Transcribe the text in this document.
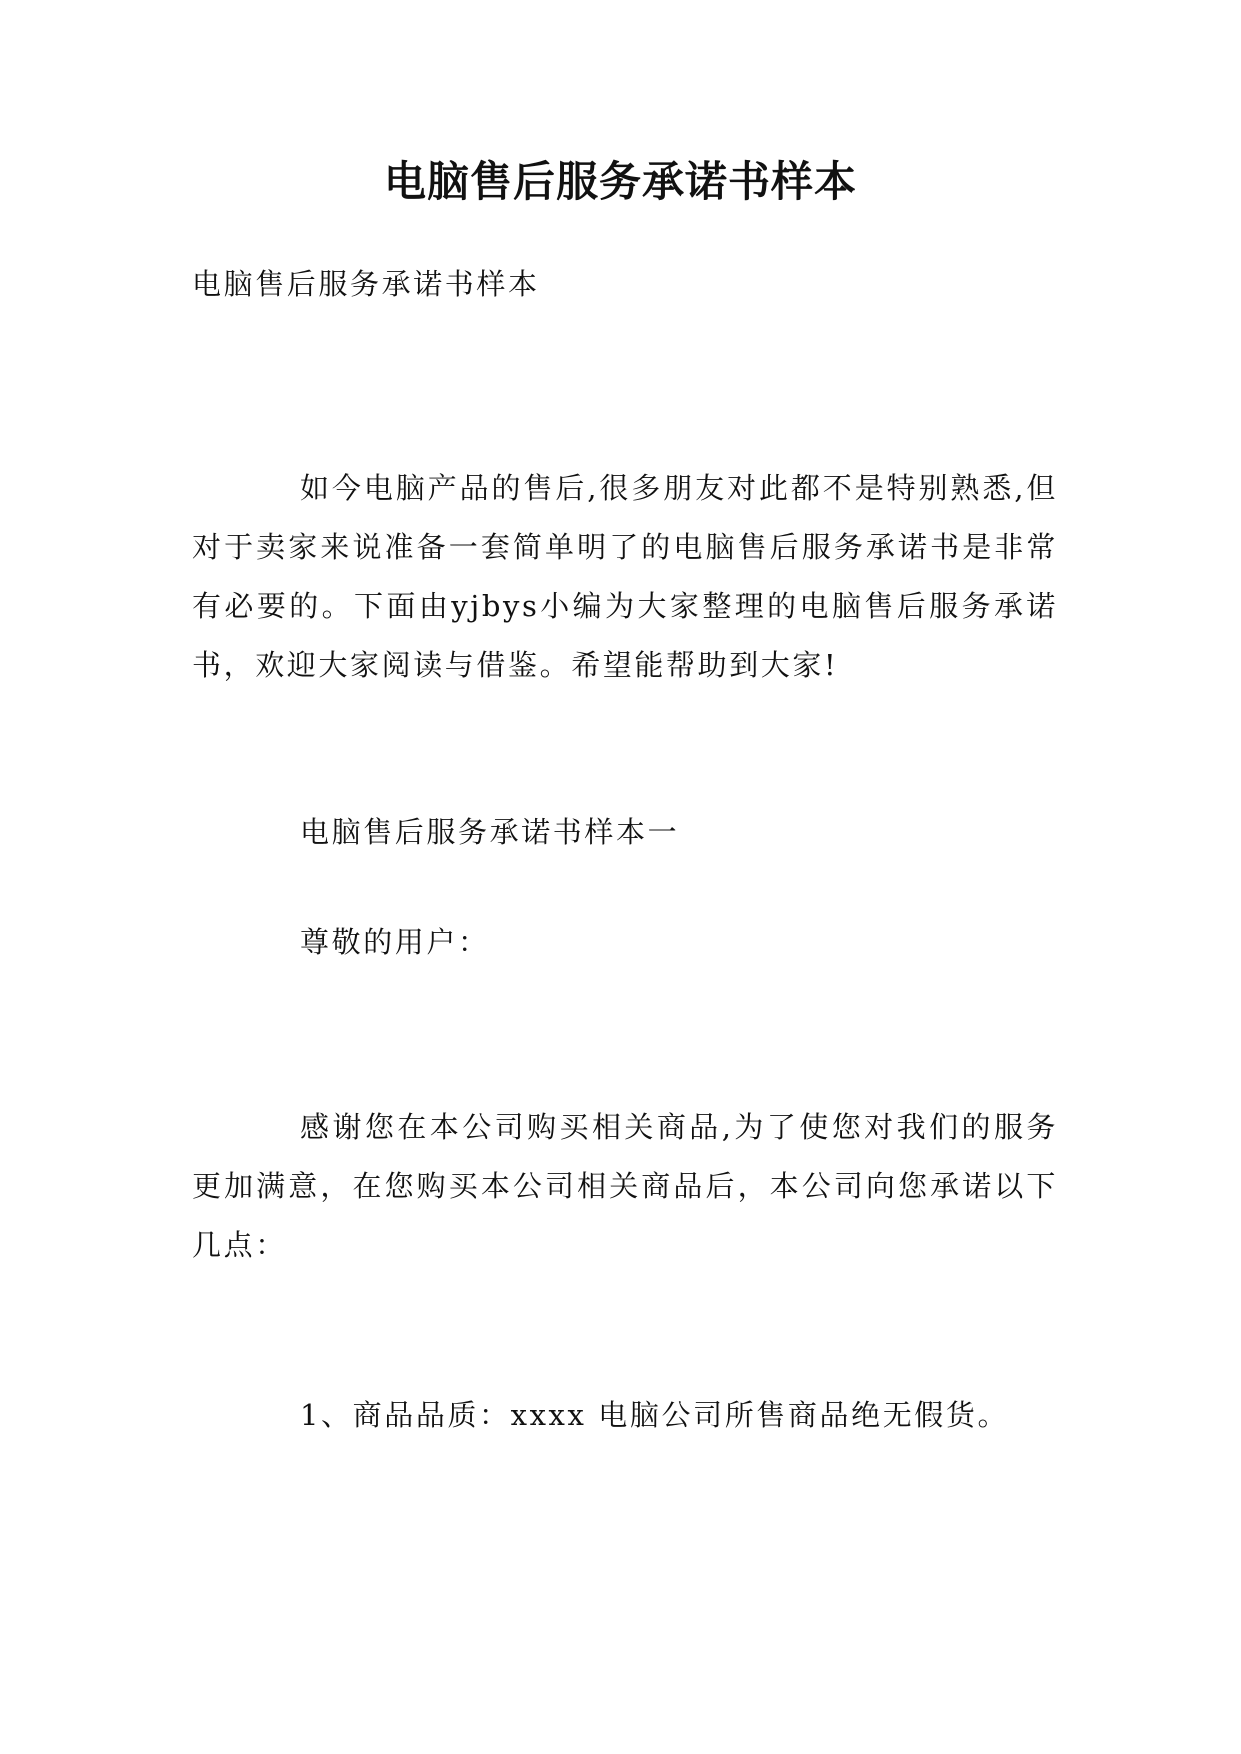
电脑售后服务承诺书样本
电脑售后服务承诺书样本
如今电脑产品的售后,很多朋友对此都不是特别熟悉,但对于卖家来说准备一套简单明了的电脑售后服务承诺书是非常有必要的。下面由yjbys小编为大家整理的电脑售后服务承诺书，欢迎大家阅读与借鉴。希望能帮助到大家!
电脑售后服务承诺书样本一
尊敬的用户：
感谢您在本公司购买相关商品,为了使您对我们的服务更加满意，在您购买本公司相关商品后，本公司向您承诺以下几点：
1、商品品质：xxxx 电脑公司所售商品绝无假货。
